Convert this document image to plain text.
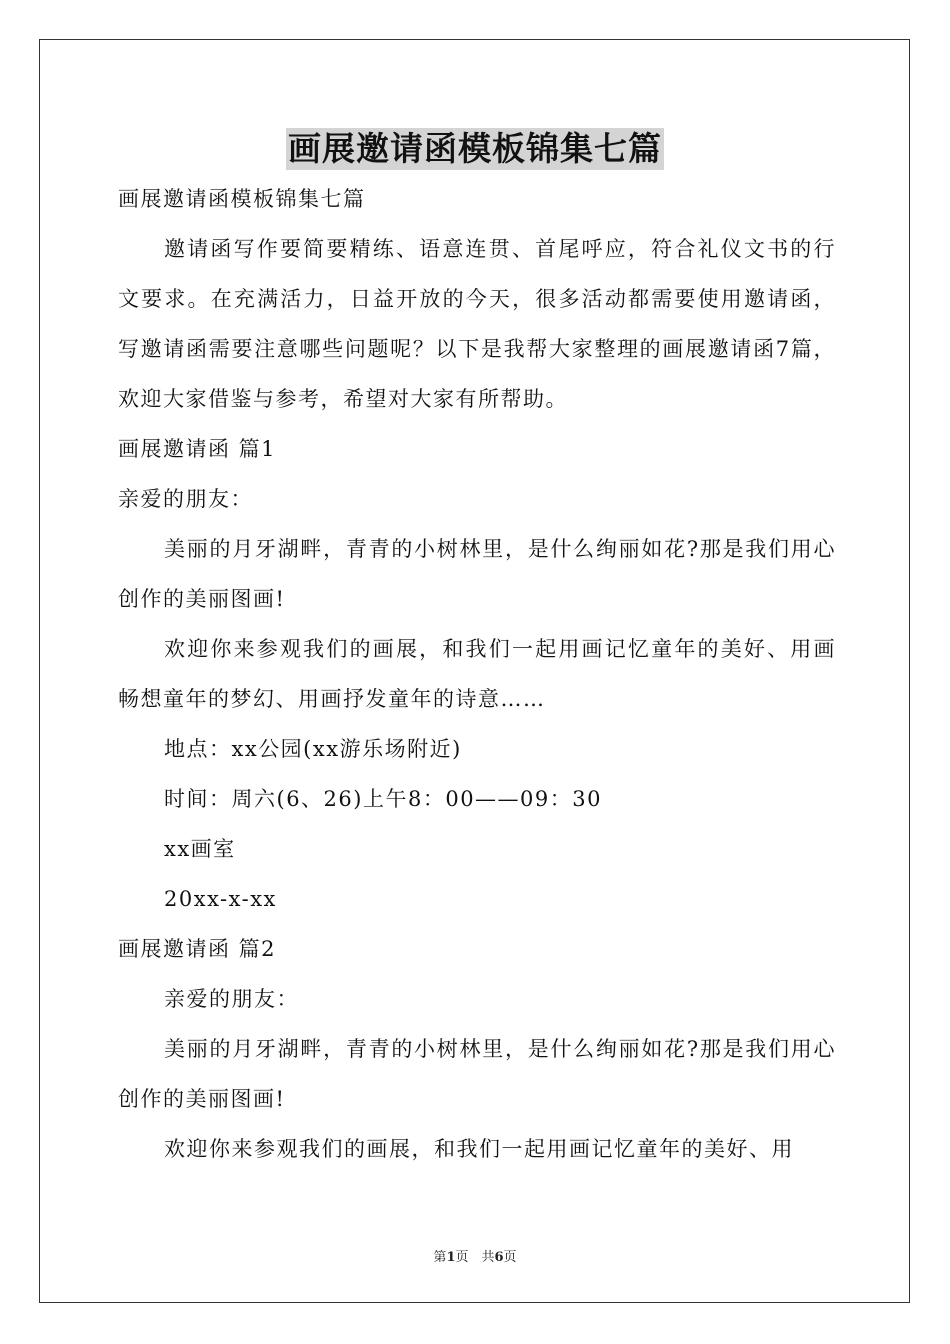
画展邀请函模板锦集七篇

画展邀请函模板锦集七篇

邀请函写作要简要精练、语意连贯、首尾呼应，符合礼仪文书的行文要求。在充满活力，日益开放的今天，很多活动都需要使用邀请函，写邀请函需要注意哪些问题呢？以下是我帮大家整理的画展邀请函7篇，欢迎大家借鉴与参考，希望对大家有所帮助。

画展邀请函 篇1

亲爱的朋友：

美丽的月牙湖畔，青青的小树林里，是什么绚丽如花?那是我们用心创作的美丽图画!

欢迎你来参观我们的画展，和我们一起用画记忆童年的美好、用画畅想童年的梦幻、用画抒发童年的诗意……

地点：xx公园(xx游乐场附近)

时间：周六(6、26)上午8：00——09：30

xx画室

20xx-x-xx

画展邀请函 篇2

亲爱的朋友：

美丽的月牙湖畔，青青的小树林里，是什么绚丽如花?那是我们用心创作的美丽图画!

欢迎你来参观我们的画展，和我们一起用画记忆童年的美好、用

第1页　共6页
